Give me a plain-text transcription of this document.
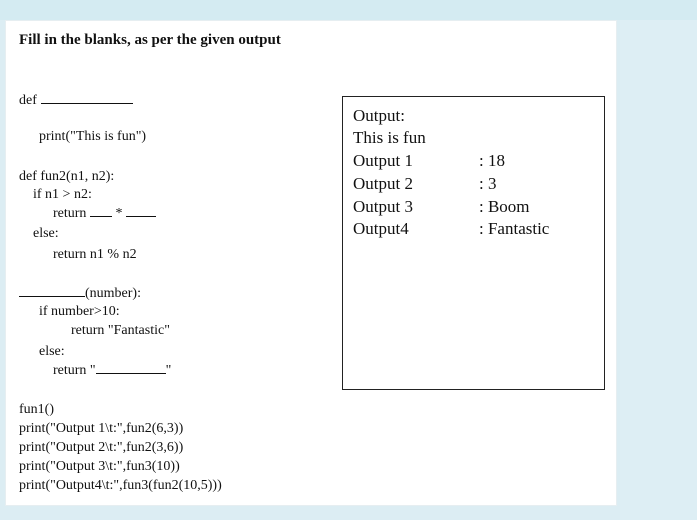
Fill in the blanks, as per the given output
def
print("This is fun")
def fun2(n1, n2):
if n1 > n2:
return *
else:
return n1 % n2
(number):
if number>10:
return "Fantastic"
else:
return "	"
fun1()
print("Output 1\t:",fun2(6,3))
print("Output 2\t:",fun2(3,6))
print("Output 3\t:",fun3(10))
print("Output4\t:",fun3(fun2(10,5)))
Output:
This is fun
Output 1	: 18
Output 2	: 3
Output 3	: Boom
Output4	: Fantastic
